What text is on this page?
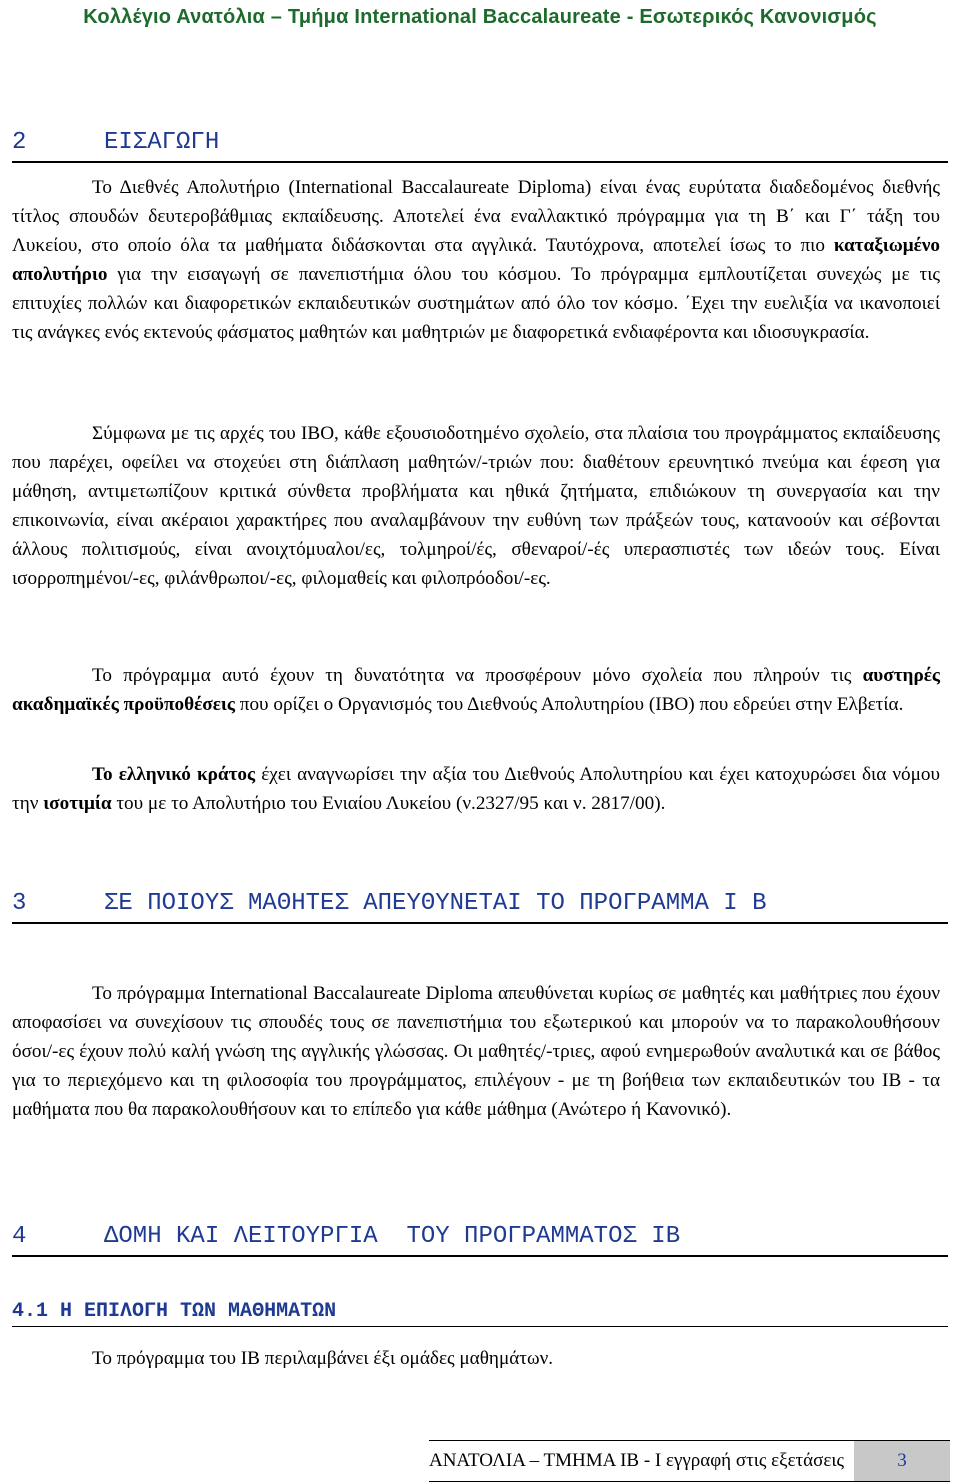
Κολλέγιο Ανατόλια – Τμήμα International Baccalaureate - Εσωτερικός Κανονισμός
2	ΕΙΣΑΓΩΓΗ

Το Διεθνές Απολυτήριο (International Baccalaureate Diploma) είναι ένας ευρύτατα διαδεδομένος διεθνής τίτλος σπουδών δευτεροβάθμιας εκπαίδευσης. Αποτελεί ένα εναλλακτικό πρόγραμμα για τη Β΄ και Γ΄ τάξη του Λυκείου, στο οποίο όλα τα μαθήματα διδάσκονται στα αγγλικά. Ταυτόχρονα, αποτελεί ίσως το πιο καταξιωμένο απολυτήριο για την εισαγωγή σε πανεπιστήμια όλου του κόσμου. Το πρόγραμμα εμπλουτίζεται συνεχώς με τις επιτυχίες πολλών και διαφορετικών εκπαιδευτικών συστημάτων από όλο τον κόσμο. ΄Εχει την ευελιξία να ικανοποιεί τις ανάγκες ενός εκτενούς φάσματος μαθητών και μαθητριών με διαφορετικά ενδιαφέροντα και ιδιοσυγκρασία.

Σύμφωνα με τις αρχές του IBO, κάθε εξουσιοδοτημένο σχολείο, στα πλαίσια του προγράμματος εκπαίδευσης που παρέχει, οφείλει να στοχεύει στη διάπλαση μαθητών/-τριών που: διαθέτουν ερευνητικό πνεύμα και έφεση για μάθηση, αντιμετωπίζουν κριτικά σύνθετα προβλήματα και ηθικά ζητήματα, επιδιώκουν τη συνεργασία και την επικοινωνία, είναι ακέραιοι χαρακτήρες που αναλαμβάνουν την ευθύνη των πράξεών τους, κατανοούν και σέβονται άλλους πολιτισμούς, είναι ανοιχτόμυαλοι/ες, τολμηροί/ές, σθεναροί/-ές υπερασπιστές των ιδεών τους. Είναι ισορροπημένοι/-ες, φιλάνθρωποι/-ες, φιλομαθείς και φιλοπρόοδοι/-ες.

Το πρόγραμμα αυτό έχουν τη δυνατότητα να προσφέρουν μόνο σχολεία που πληρούν τις αυστηρές ακαδημαϊκές προϋποθέσεις που ορίζει ο Οργανισμός του Διεθνούς Απολυτηρίου (IBO) που εδρεύει στην Ελβετία.

Το ελληνικό κράτος έχει αναγνωρίσει την αξία του Διεθνούς Απολυτηρίου και έχει κατοχυρώσει δια νόμου την ισοτιμία του με το Απολυτήριο του Ενιαίου Λυκείου (ν.2327/95 και ν. 2817/00).

3	ΣΕ ΠΟΙΟΥΣ ΜΑΘΗΤΕΣ ΑΠΕΥΘΥΝΕΤΑΙ ΤΟ ΠΡΟΓΡΑΜΜΑ Ι Β

Το πρόγραμμα International Baccalaureate Diploma απευθύνεται κυρίως σε μαθητές και μαθήτριες που έχουν αποφασίσει να συνεχίσουν τις σπουδές τους σε πανεπιστήμια του εξωτερικού και μπορούν να το παρακολουθήσουν όσοι/-ες έχουν πολύ καλή γνώση της αγγλικής γλώσσας. Οι μαθητές/-τριες, αφού ενημερωθούν αναλυτικά και σε βάθος για το περιεχόμενο και τη φιλοσοφία του προγράμματος, επιλέγουν - με τη βοήθεια των εκπαιδευτικών του IB - τα μαθήματα που θα παρακολουθήσουν και το επίπεδο για κάθε μάθημα (Ανώτερο ή Κανονικό).

4	ΔΟΜΗ ΚΑΙ ΛΕΙΤΟΥΡΓΙΑ  ΤΟΥ ΠΡΟΓΡΑΜΜΑΤΟΣ ΙΒ
4.1 Η ΕΠΙΛΟΓΗ ΤΩΝ ΜΑΘΗΜΑΤΩΝ

Το πρόγραμμα του IB περιλαμβάνει έξι ομάδες μαθημάτων.

ΑΝΑΤΟΛΙΑ – ΤΜΗΜΑ IB - Ι εγγραφή στις εξετάσεις	3
